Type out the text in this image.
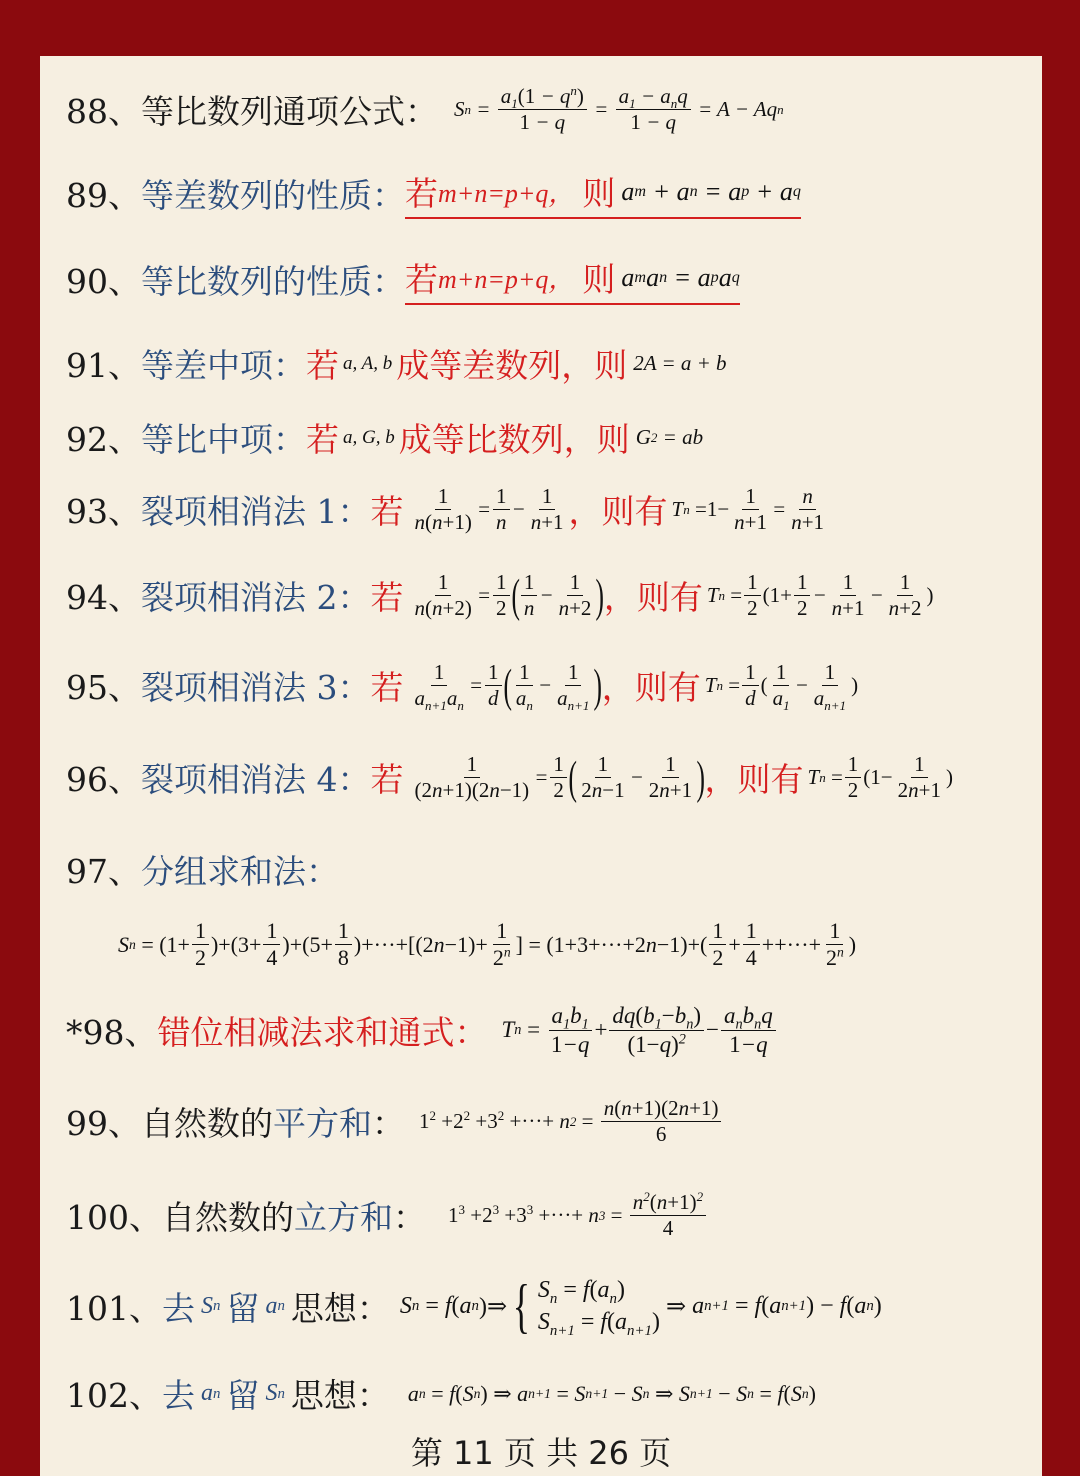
88、 等比数列通项公式： S $n = \frac{a_1(1 - q^n)}{1 - q} = \frac{a_1 - a_nq}{1 - q} = A - Aq$ n
89、 等差数列的性质： 若 m+n=p+q， 则 a m + a n = a p + a q
90、 等比数列的性质： 若 m+n=p+q， 则 a m a n = a p a q
91、 等差中项： 若 a, A, b 成等差数列， 则 2A = a + b
92、 等比中项： 若 a, G, b 成等比数列， 则 G 2 = ab
93、 裂项相消法 1： 若 $\frac{1}{n(n+1)} = \frac{1}{n} - \frac{1}{n+1}$ ，则有 T $n =1- \frac{1}{n+1} = \frac{n}{n+1}$
94、 裂项相消法 2： 若 $\frac{1}{n(n+2)} = \frac{1}{2}$ ( $\frac{1}{n} - \frac{1}{n+2}$ ) ，则有 T $n = \frac{1}{2} (1+ \frac{1}{2} - \frac{1}{n+1} - \frac{1}{n+2}$ )
95、 裂项相消法 3： 若 $\frac{1}{a_{n+1}a_n} = \frac{1}{d}$ ( $\frac{1}{a_n} - \frac{1}{a_{n+1}}$ ) ，则有 T $n = \frac{1}{d}$ ( $\frac{1}{a_1} - \frac{1}{a_{n+1}}$ )
96、 裂项相消法 4： 若 $\frac{1}{(2n+1)(2n-1)} = \frac{1}{2}$ ( $\frac{1}{2n-1} - \frac{1}{2n+1}$ ) ，则有 T $n = \frac{1}{2} (1- \frac{1}{2n+1}$ )
97、 分组求和法：
S $n = (1+ \frac{1}{2} )+(3+ \frac{1}{4} )+(5+ \frac{1}{8} )+\cdot\cdot\cdot+[(2$ $n -1)+ \frac{1}{2^n}$ ] = (1+3+···+2 $n -1)+( \frac{1}{2} + \frac{1}{4}$ ++···+ $\frac{1}{2^n}$ )
*98、 错位相减法求和通式： T $n = \frac{a_1b_1}{1-q} + \frac{dq(b_1-b_n)}{(1-q)^2} - \frac{a_nb_nq}{1-q}$
99、 自然数的 平方和 ： $1^2 +2^2 +3^2$ +···+ n $2 = \frac{n(n+1)(2n+1)}{6}$
100、 自然数的 立方和 ： $1^3 +2^3 +3^3$ +···+ n $3 = \frac{n^2(n+1)^2}{4}$
101、 去 S n
留 a n
思想： S n = f ( a n )⇒ { $S_n = f(a_n)$
$S_{n+1} = f(a_{n+1})$
⇒ a n+1 = f ( a n+1 ) − f ( a n )
102、 去 a n
留 S n
思想： a n = f ( S n ) ⇒ a n+1 = S n+1 − S n ⇒ S n+1 − S n = f ( S n )
第 11 页 共 26 页
